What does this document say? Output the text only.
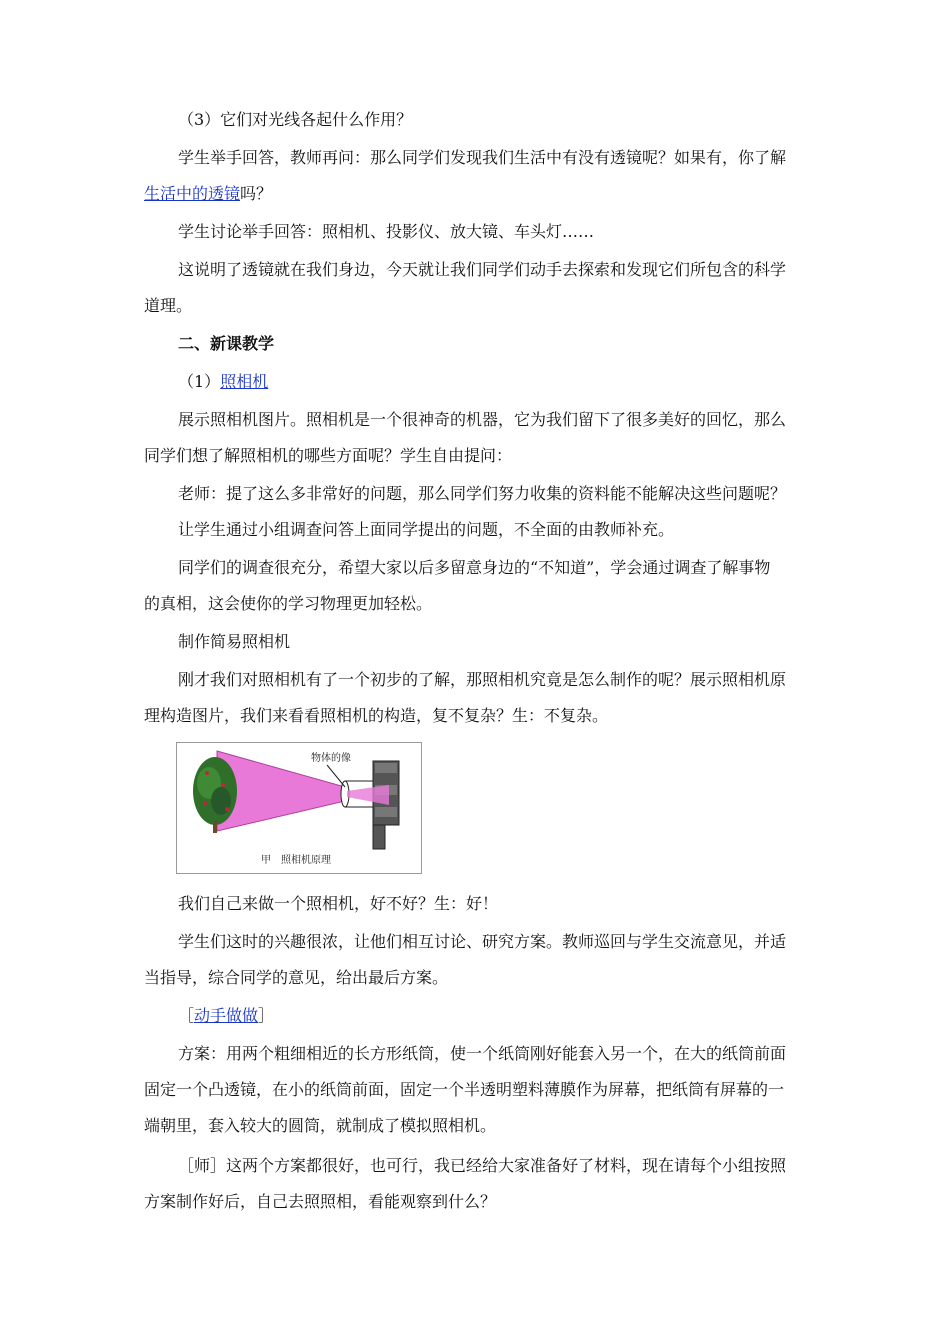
（3）它们对光线各起什么作用？

学生举手回答，教师再问：那么同学们发现我们生活中有没有透镜呢？如果有，你了解

生活中的透镜吗？

学生讨论举手回答：照相机、投影仪、放大镜、车头灯……

这说明了透镜就在我们身边，今天就让我们同学们动手去探索和发现它们所包含的科学

道理。

二、新课教学

（1）照相机

展示照相机图片。照相机是一个很神奇的机器，它为我们留下了很多美好的回忆，那么

同学们想了解照相机的哪些方面呢？学生自由提问：

老师：提了这么多非常好的问题，那么同学们努力收集的资料能不能解决这些问题呢？

让学生通过小组调查问答上面同学提出的问题，不全面的由教师补充。

同学们的调查很充分，希望大家以后多留意身边的“不知道”，学会通过调查了解事物

的真相，这会使你的学习物理更加轻松。

制作简易照相机

刚才我们对照相机有了一个初步的了解，那照相机究竟是怎么制作的呢？展示照相机原

理构造图片，我们来看看照相机的构造，复不复杂？生：不复杂。

物体的像
甲　照相机原理

我们自己来做一个照相机，好不好？生：好！

学生们这时的兴趣很浓，让他们相互讨论、研究方案。教师巡回与学生交流意见，并适

当指导，综合同学的意见，给出最后方案。

［动手做做］

方案：用两个粗细相近的长方形纸筒，使一个纸筒刚好能套入另一个，在大的纸筒前面

固定一个凸透镜，在小的纸筒前面，固定一个半透明塑料薄膜作为屏幕，把纸筒有屏幕的一

端朝里，套入较大的圆筒，就制成了模拟照相机。

［师］这两个方案都很好，也可行，我已经给大家准备好了材料，现在请每个小组按照

方案制作好后，自己去照照相，看能观察到什么？
